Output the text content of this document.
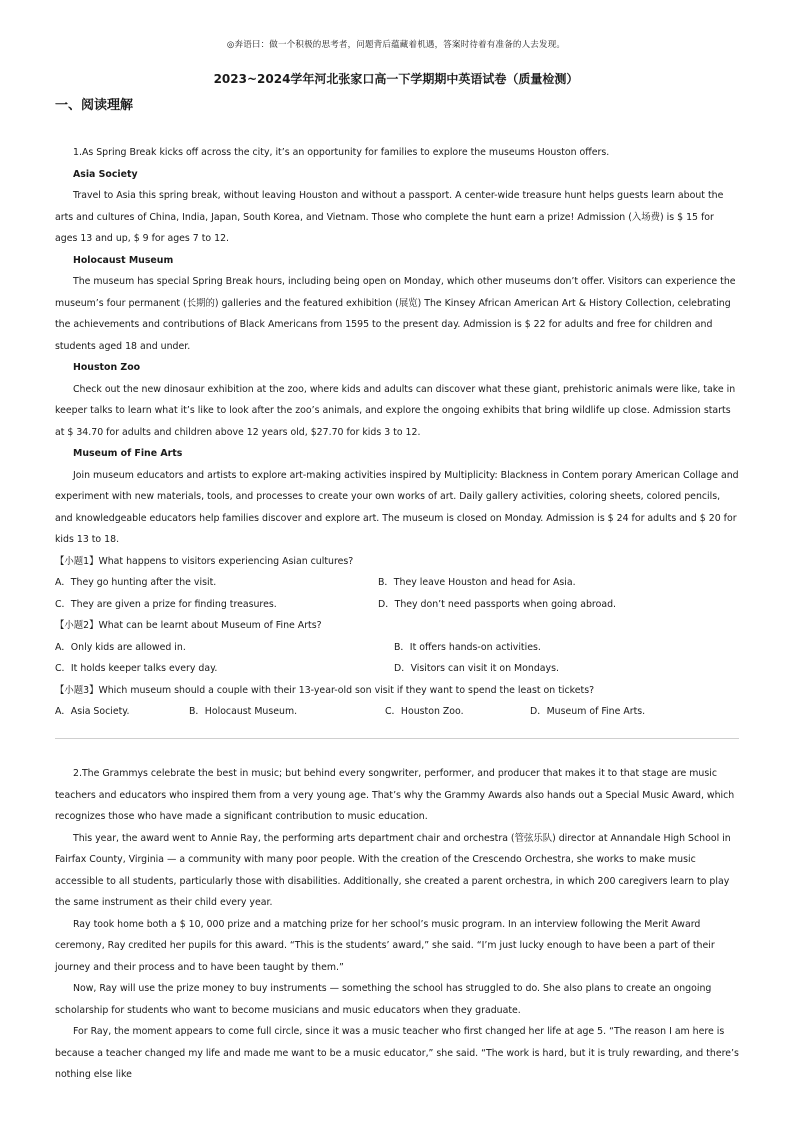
◎奔语曰：做一个积极的思考者，问题背后蕴藏着机遇，答案时待着有准备的人去发现。
2023~2024学年河北张家口高一下学期期中英语试卷（质量检测）
一、阅读理解

1.As Spring Break kicks off across the city, it’s an opportunity for families to explore the museums Houston offers.

Asia Society

Travel to Asia this spring break, without leaving Houston and without a passport. A center-wide treasure hunt helps guests learn about the arts and cultures of China, India, Japan, South Korea, and Vietnam. Those who complete the hunt earn a prize! Admission (入场费) is $ 15 for ages 13 and up, $ 9 for ages 7 to 12.

Holocaust Museum

The museum has special Spring Break hours, including being open on Monday, which other museums don’t offer. Visitors can experience the museum’s four permanent (长期的) galleries and the featured exhibition (展览) The Kinsey African American Art & History Collection, celebrating the achievements and contributions of Black Americans from 1595 to the present day. Admission is $ 22 for adults and free for children and students aged 18 and under.

Houston Zoo

Check out the new dinosaur exhibition at the zoo, where kids and adults can discover what these giant, prehistoric animals were like, take in keeper talks to learn what it’s like to look after the zoo’s animals, and explore the ongoing exhibits that bring wildlife up close. Admission starts at $ 34.70 for adults and children above 12 years old, $27.70 for kids 3 to 12.

Museum of Fine Arts

Join museum educators and artists to explore art-making activities inspired by Multiplicity: Blackness in Contem porary American Collage and experiment with new materials, tools, and processes to create your own works of art. Daily gallery activities, coloring sheets, colored pencils, and knowledgeable educators help families discover and explore art. The museum is closed on Monday. Admission is $ 24 for adults and $ 20 for kids 13 to 18.

【小题1】What happens to visitors experiencing Asian cultures?

A．They go hunting after the visit.	B．They leave Houston and head for Asia.
C．They are given a prize for finding treasures.	D．They don’t need passports when going abroad.

【小题2】What can be learnt about Museum of Fine Arts?

A．Only kids are allowed in.	B．It offers hands-on activities.
C．It holds keeper talks every day.	D．Visitors can visit it on Mondays.

【小题3】Which museum should a couple with their 13-year-old son visit if they want to spend the least on tickets?

A．Asia Society.	B．Holocaust Museum.	C．Houston Zoo.	D．Museum of Fine Arts.

2.The Grammys celebrate the best in music; but behind every songwriter, performer, and producer that makes it to that stage are music teachers and educators who inspired them from a very young age. That’s why the Grammy Awards also hands out a Special Music Award, which recognizes those who have made a significant contribution to music education.

This year, the award went to Annie Ray, the performing arts department chair and orchestra (管弦乐队) director at Annandale High School in Fairfax County, Virginia — a community with many poor people. With the creation of the Crescendo Orchestra, she works to make music accessible to all students, particularly those with disabilities. Additionally, she created a parent orchestra, in which 200 caregivers learn to play the same instrument as their child every year.

Ray took home both a $ 10, 000 prize and a matching prize for her school’s music program. In an interview following the Merit Award ceremony, Ray credited her pupils for this award. “This is the students’ award,” she said. “I’m just lucky enough to have been a part of their journey and their process and to have been taught by them.”

Now, Ray will use the prize money to buy instruments — something the school has struggled to do. She also plans to create an ongoing scholarship for students who want to become musicians and music educators when they graduate.

For Ray, the moment appears to come full circle, since it was a music teacher who first changed her life at age 5. “The reason I am here is because a teacher changed my life and made me want to be a music educator,” she said. “The work is hard, but it is truly rewarding, and there’s nothing else like
